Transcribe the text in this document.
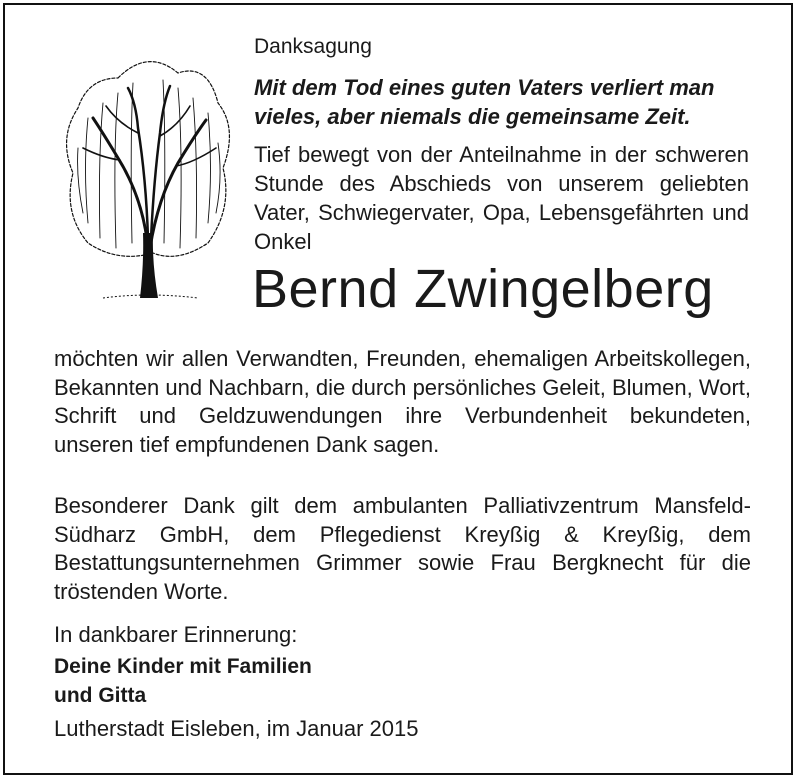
Danksagung
Mit dem Tod eines guten Vaters verliert man vieles, aber niemals die gemeinsame Zeit.
Tief bewegt von der Anteilnahme in der schweren Stunde des Abschieds von unserem geliebten Vater, Schwiegervater, Opa, Lebensgefährten und Onkel
Bernd Zwingelberg
möchten wir allen Verwandten, Freunden, ehemaligen Arbeitskollegen, Bekannten und Nachbarn, die durch persönliches Geleit, Blumen, Wort, Schrift und Geldzuwendungen ihre Verbundenheit bekundeten, unseren tief empfundenen Dank sagen.
Besonderer Dank gilt dem ambulanten Palliativzentrum Mansfeld-Südharz GmbH, dem Pflegedienst Kreyßig & Kreyßig, dem Bestattungsunternehmen Grimmer sowie Frau Bergknecht für die tröstenden Worte.
In dankbarer Erinnerung:
Deine Kinder mit Familien
und Gitta
Lutherstadt Eisleben, im Januar 2015
